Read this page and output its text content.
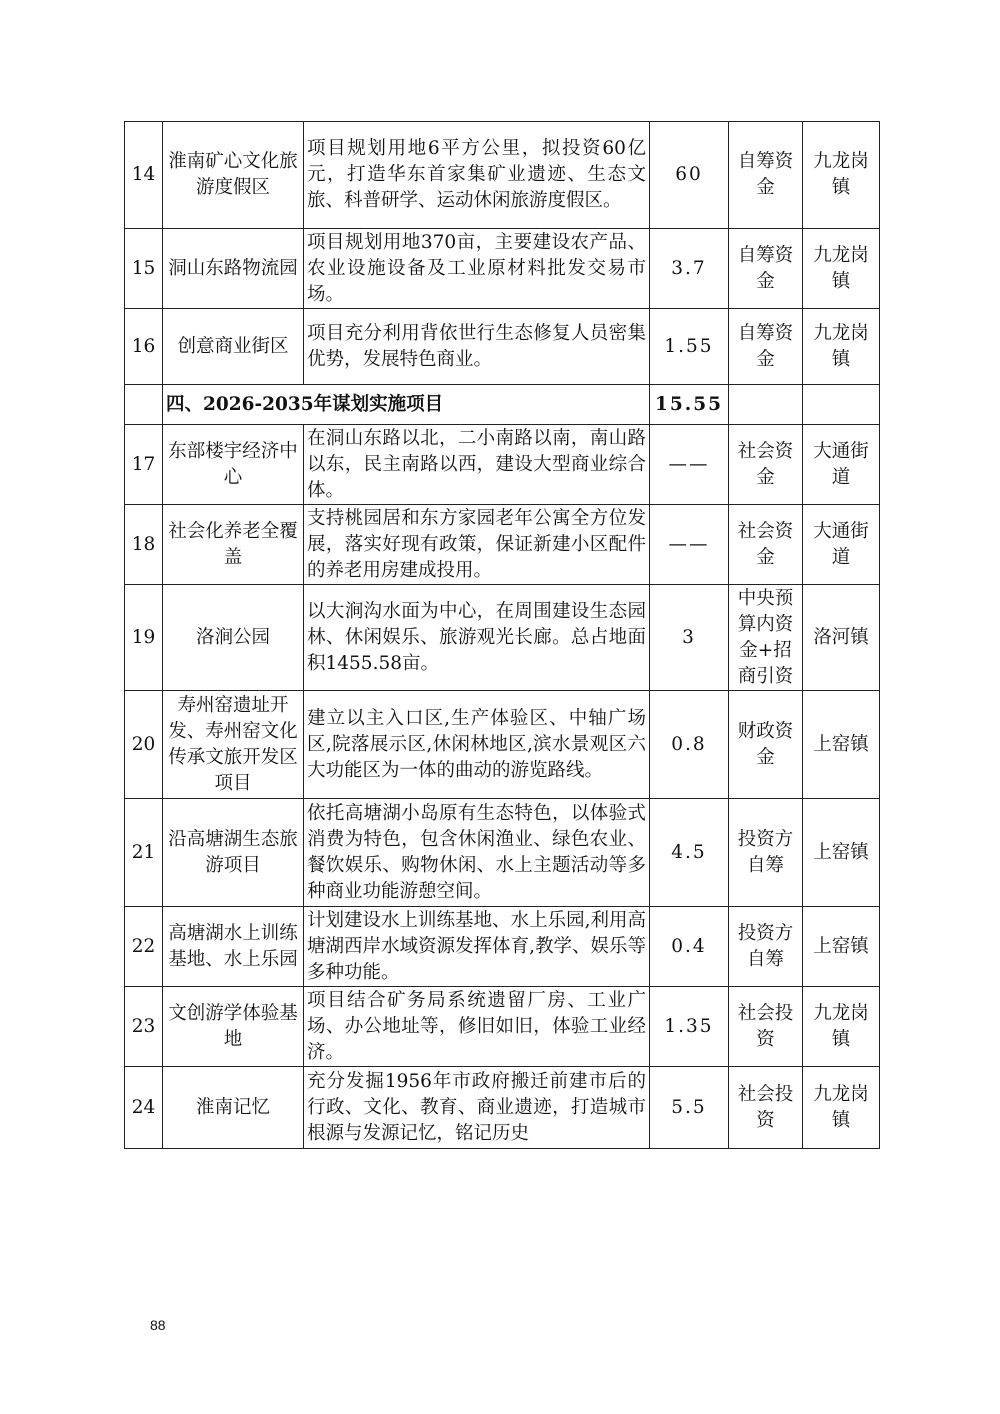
14	淮南矿心文化旅游度假区	项目规划用地6平方公里，拟投资60亿元，打造华东首家集矿业遗迹、生态文旅、科普研学、运动休闲旅游度假区。	60	自筹资金	九龙岗镇
15	洞山东路物流园	项目规划用地370亩，主要建设农产品、农业设施设备及工业原材料批发交易市场。	3.7	自筹资金	九龙岗镇
16	创意商业街区	项目充分利用背依世行生态修复人员密集优势，发展特色商业。	1.55	自筹资金	九龙岗镇
	四、2026-2035年谋划实施项目		15.55		
17	东部楼宇经济中心	在洞山东路以北，二小南路以南，南山路以东，民主南路以西，建设大型商业综合体。	——	社会资金	大通街道
18	社会化养老全覆盖	支持桃园居和东方家园老年公寓全方位发展，落实好现有政策，保证新建小区配件的养老用房建成投用。	——	社会资金	大通街道
19	洛涧公园	以大涧沟水面为中心，在周围建设生态园林、休闲娱乐、旅游观光长廊。总占地面积1455.58亩。	3	中央预算内资金+招商引资	洛河镇
20	寿州窑遗址开发、寿州窑文化传承文旅开发区项目	建立以主入口区,生产体验区、中轴广场区,院落展示区,休闲林地区,滨水景观区六大功能区为一体的曲动的游览路线。	0.8	财政资金	上窑镇
21	沿高塘湖生态旅游项目	依托高塘湖小岛原有生态特色，以体验式消费为特色，包含休闲渔业、绿色农业、餐饮娱乐、购物休闲、水上主题活动等多种商业功能游憩空间。	4.5	投资方自筹	上窑镇
22	高塘湖水上训练基地、水上乐园	计划建设水上训练基地、水上乐园,利用高塘湖西岸水域资源发挥体育,教学、娱乐等多种功能。	0.4	投资方自筹	上窑镇
23	文创游学体验基地	项目结合矿务局系统遗留厂房、工业广场、办公地址等，修旧如旧，体验工业经济。	1.35	社会投资	九龙岗镇
24	淮南记忆	充分发掘1956年市政府搬迁前建市后的行政、文化、教育、商业遗迹，打造城市根源与发源记忆，铭记历史	5.5	社会投资	九龙岗镇
88
